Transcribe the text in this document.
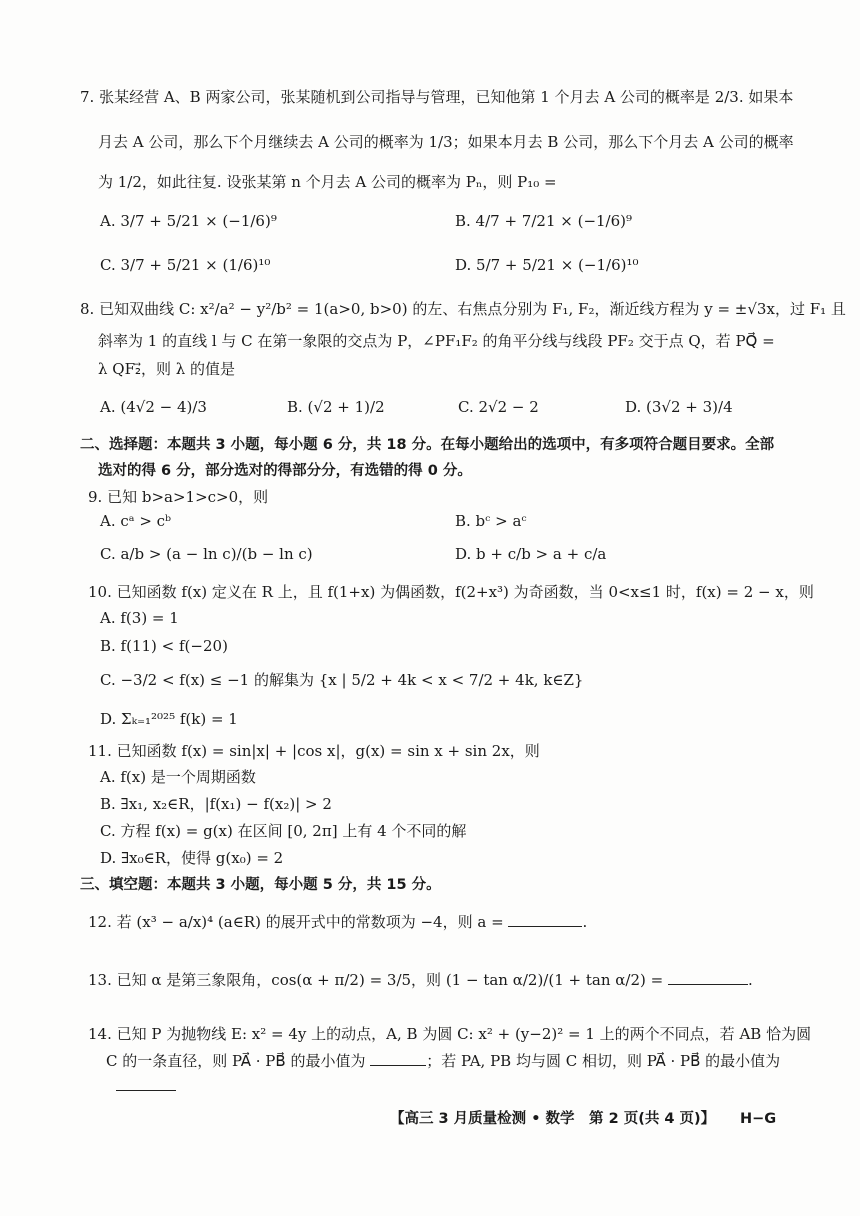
7. 张某经营 A、B 两家公司，张某随机到公司指导与管理，已知他第 1 个月去 A 公司的概率是 2/3. 如果本
月去 A 公司，那么下个月继续去 A 公司的概率为 1/3；如果本月去 B 公司，那么下个月去 A 公司的概率
为 1/2，如此往复. 设张某第 n 个月去 A 公司的概率为 Pₙ，则 P₁₀ =
A. 3/7 + 5/21 × (−1/6)⁹	B. 4/7 + 7/21 × (−1/6)⁹
C. 3/7 + 5/21 × (1/6)¹⁰	D. 5/7 + 5/21 × (−1/6)¹⁰
8. 已知双曲线 C: x²/a² − y²/b² = 1(a>0, b>0) 的左、右焦点分别为 F₁, F₂，渐近线方程为 y = ±√3x，过 F₁ 且
斜率为 1 的直线 l 与 C 在第一象限的交点为 P，∠PF₁F₂ 的角平分线与线段 PF₂ 交于点 Q，若 PQ⃗ =
λ QF₂⃗，则 λ 的值是
A. (4√2 − 4)/3	B. (√2 + 1)/2	C. 2√2 − 2	D. (3√2 + 3)/4
二、选择题：本题共 3 小题，每小题 6 分，共 18 分。在每小题给出的选项中，有多项符合题目要求。全部
选对的得 6 分，部分选对的得部分分，有选错的得 0 分。
9. 已知 b>a>1>c>0，则
A. cᵃ > cᵇ	B. bᶜ > aᶜ
C. a/b > (a − ln c)/(b − ln c)	D. b + c/b > a + c/a
10. 已知函数 f(x) 定义在 R 上，且 f(1+x) 为偶函数，f(2+x³) 为奇函数，当 0<x≤1 时，f(x) = 2 − x，则
A. f(3) = 1
B. f(11) < f(−20)
C. −3/2 < f(x) ≤ −1 的解集为 {x | 5/2 + 4k < x < 7/2 + 4k, k∈Z}
D. Σₖ₌₁²⁰²⁵ f(k) = 1
11. 已知函数 f(x) = sin|x| + |cos x|，g(x) = sin x + sin 2x，则
A. f(x) 是一个周期函数
B. ∃x₁, x₂∈R，|f(x₁) − f(x₂)| > 2
C. 方程 f(x) = g(x) 在区间 [0, 2π] 上有 4 个不同的解
D. ∃x₀∈R，使得 g(x₀) = 2
三、填空题：本题共 3 小题，每小题 5 分，共 15 分。
12. 若 (x³ − a/x)⁴ (a∈R) 的展开式中的常数项为 −4，则 a =	.
13. 已知 α 是第三象限角，cos(α + π/2) = 3/5，则 (1 − tan α/2)/(1 + tan α/2) =	.
14. 已知 P 为抛物线 E: x² = 4y 上的动点，A, B 为圆 C: x² + (y−2)² = 1 上的两个不同点，若 AB 恰为圆
C 的一条直径，则 PA⃗ · PB⃗ 的最小值为	；若 PA, PB 均与圆 C 相切，则 PA⃗ · PB⃗ 的最小值为
【高三 3 月质量检测 • 数学　第 2 页(共 4 页)】 H−G
